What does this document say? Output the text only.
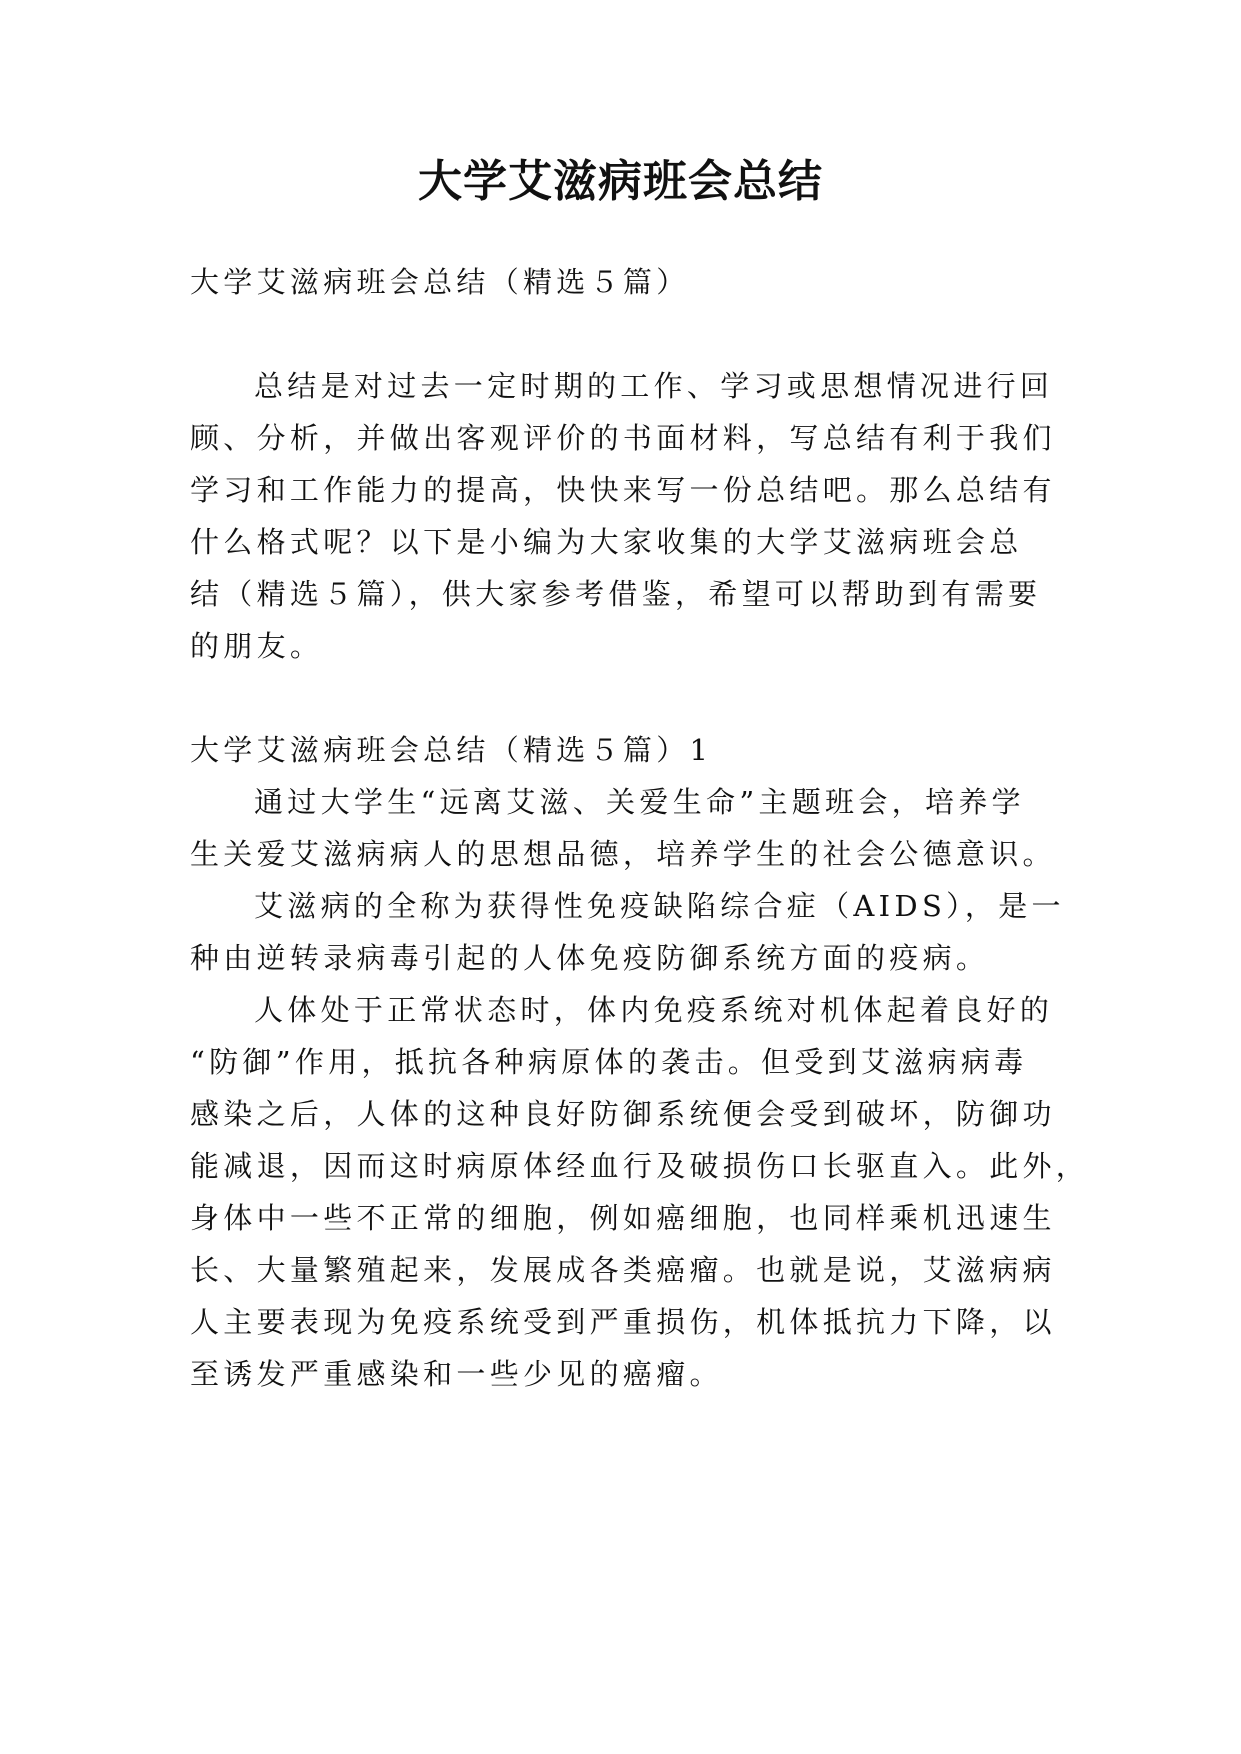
大学艾滋病班会总结
大学艾滋病班会总结（精选５篇）
总结是对过去一定时期的工作、学习或思想情况进行回
顾、分析，并做出客观评价的书面材料，写总结有利于我们
学习和工作能力的提高，快快来写一份总结吧。那么总结有
什么格式呢？以下是小编为大家收集的大学艾滋病班会总
结（精选５篇），供大家参考借鉴，希望可以帮助到有需要
的朋友。
大学艾滋病班会总结（精选５篇）1
通过大学生“远离艾滋、关爱生命”主题班会，培养学
生关爱艾滋病病人的思想品德，培养学生的社会公德意识。
艾滋病的全称为获得性免疫缺陷综合症（AIDS），是一
种由逆转录病毒引起的人体免疫防御系统方面的疫病。
人体处于正常状态时，体内免疫系统对机体起着良好的
“防御”作用，抵抗各种病原体的袭击。但受到艾滋病病毒
感染之后，人体的这种良好防御系统便会受到破坏，防御功
能减退，因而这时病原体经血行及破损伤口长驱直入。此外，
身体中一些不正常的细胞，例如癌细胞，也同样乘机迅速生
长、大量繁殖起来，发展成各类癌瘤。也就是说，艾滋病病
人主要表现为免疫系统受到严重损伤，机体抵抗力下降，以
至诱发严重感染和一些少见的癌瘤。
